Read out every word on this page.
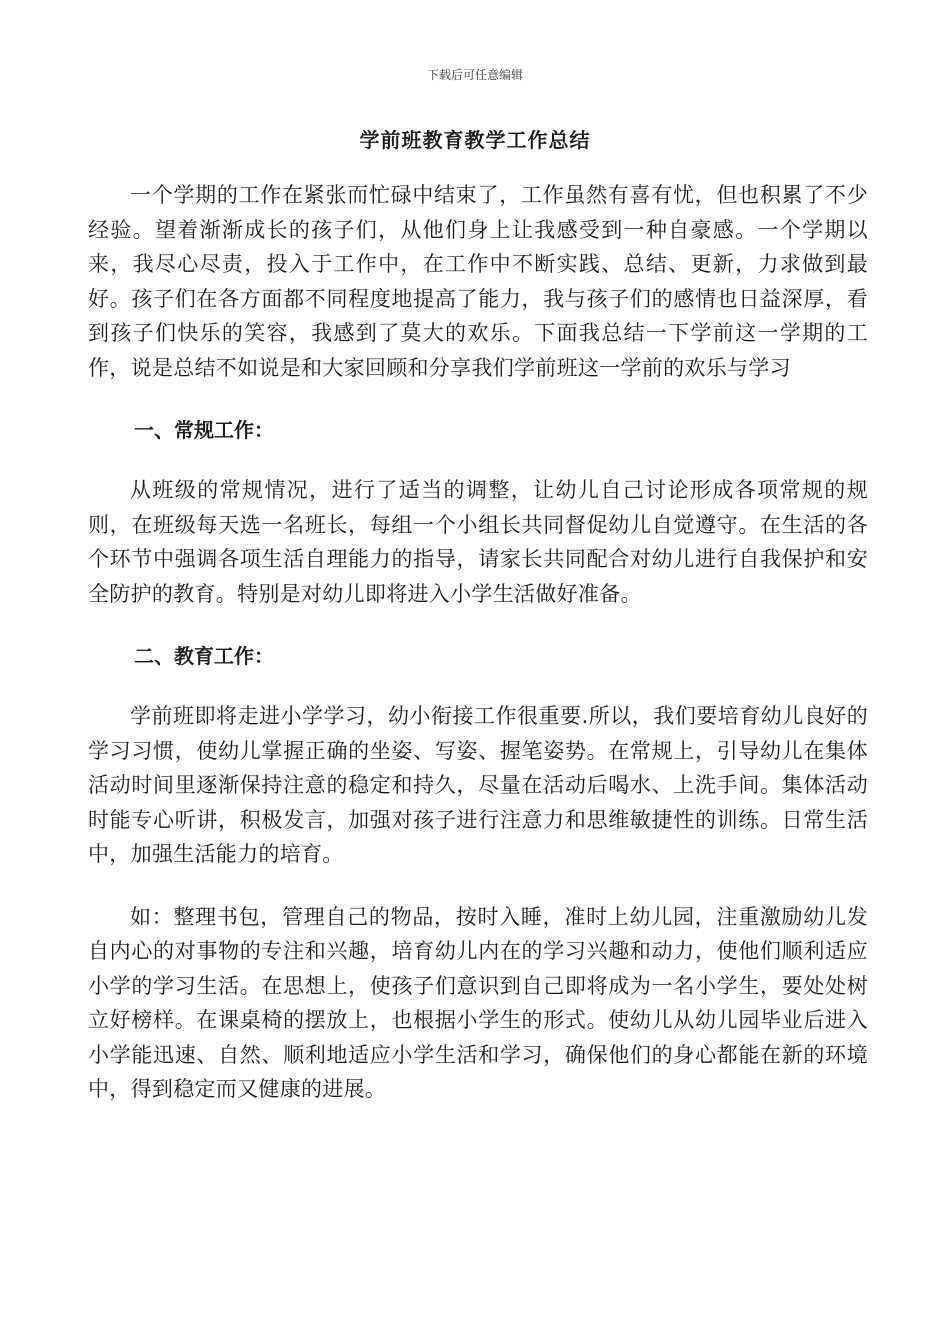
下载后可任意编辑
学前班教育教学工作总结

一个学期的工作在紧张而忙碌中结束了，工作虽然有喜有忧，但也积累了不少经验。望着渐渐成长的孩子们，从他们身上让我感受到一种自豪感。一个学期以来，我尽心尽责，投入于工作中，在工作中不断实践、总结、更新，力求做到最好。孩子们在各方面都不同程度地提高了能力，我与孩子们的感情也日益深厚，看到孩子们快乐的笑容，我感到了莫大的欢乐。下面我总结一下学前这一学期的工作，说是总结不如说是和大家回顾和分享我们学前班这一学前的欢乐与学习

一、常规工作：

从班级的常规情况，进行了适当的调整，让幼儿自己讨论形成各项常规的规则，在班级每天选一名班长，每组一个小组长共同督促幼儿自觉遵守。在生活的各个环节中强调各项生活自理能力的指导，请家长共同配合对幼儿进行自我保护和安全防护的教育。特别是对幼儿即将进入小学生活做好准备。

二、教育工作：

学前班即将走进小学学习，幼小衔接工作很重要.所以，我们要培育幼儿良好的学习习惯，使幼儿掌握正确的坐姿、写姿、握笔姿势。在常规上，引导幼儿在集体活动时间里逐渐保持注意的稳定和持久，尽量在活动后喝水、上洗手间。集体活动时能专心听讲，积极发言，加强对孩子进行注意力和思维敏捷性的训练。日常生活中，加强生活能力的培育。

如：整理书包，管理自己的物品，按时入睡，准时上幼儿园，注重激励幼儿发自内心的对事物的专注和兴趣，培育幼儿内在的学习兴趣和动力，使他们顺利适应小学的学习生活。在思想上，使孩子们意识到自己即将成为一名小学生，要处处树立好榜样。在课桌椅的摆放上，也根据小学生的形式。使幼儿从幼儿园毕业后进入小学能迅速、自然、顺利地适应小学生活和学习，确保他们的身心都能在新的环境中，得到稳定而又健康的进展。
